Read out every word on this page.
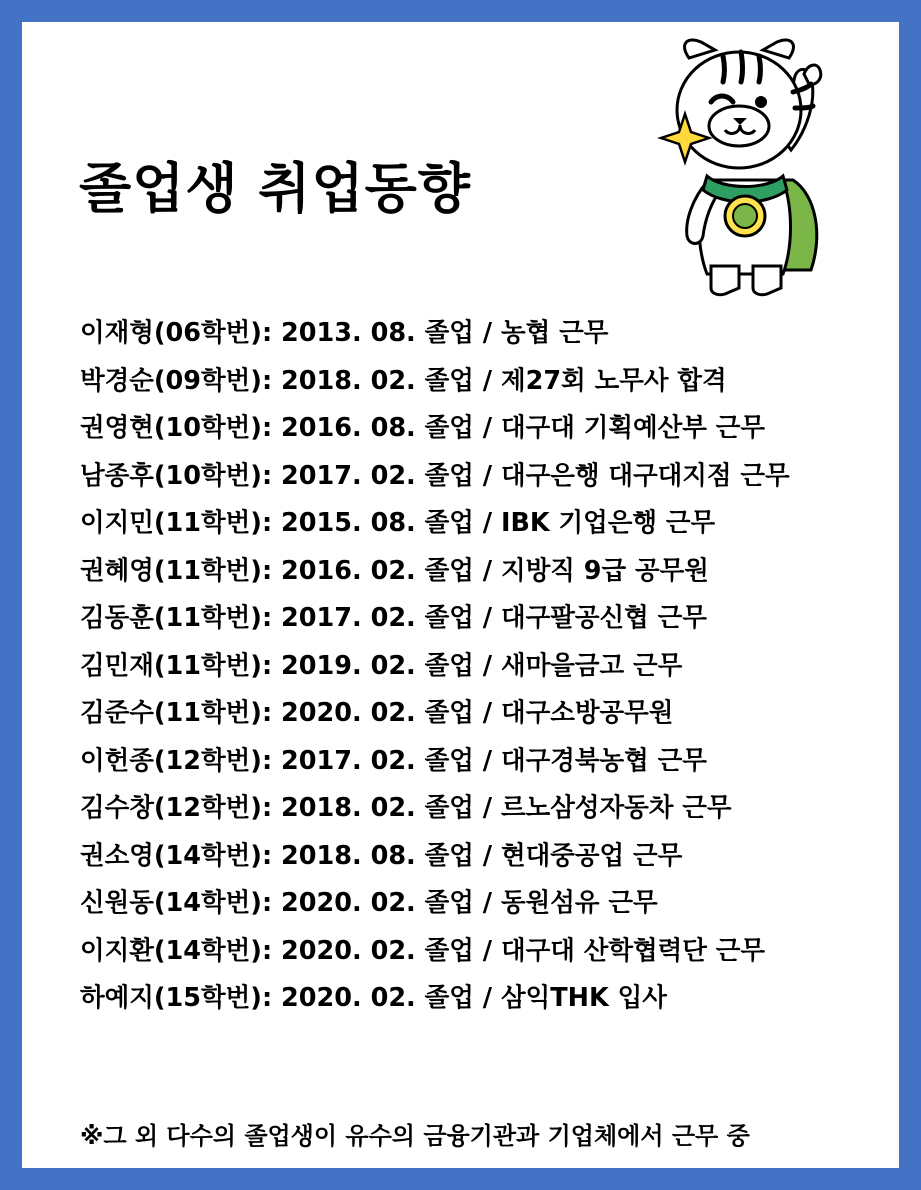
졸업생 취업동향
이재형(06학번): 2013. 08. 졸업 / 농협 근무
박경순(09학번): 2018. 02. 졸업 / 제27회 노무사 합격
권영현(10학번): 2016. 08. 졸업 / 대구대 기획예산부 근무
남종후(10학번): 2017. 02. 졸업 / 대구은행 대구대지점 근무
이지민(11학번): 2015. 08. 졸업 / IBK 기업은행 근무
권혜영(11학번): 2016. 02. 졸업 / 지방직 9급 공무원
김동훈(11학번): 2017. 02. 졸업 / 대구팔공신협 근무
김민재(11학번): 2019. 02. 졸업 / 새마을금고 근무
김준수(11학번): 2020. 02. 졸업 / 대구소방공무원
이헌종(12학번): 2017. 02. 졸업 / 대구경북농협 근무
김수창(12학번): 2018. 02. 졸업 / 르노삼성자동차 근무
권소영(14학번): 2018. 08. 졸업 / 현대중공업 근무
신원동(14학번): 2020. 02. 졸업 / 동원섬유 근무
이지환(14학번): 2020. 02. 졸업 / 대구대 산학협력단 근무
하예지(15학번): 2020. 02. 졸업 / 삼익THK 입사
※그 외 다수의 졸업생이 유수의 금융기관과 기업체에서 근무 중
